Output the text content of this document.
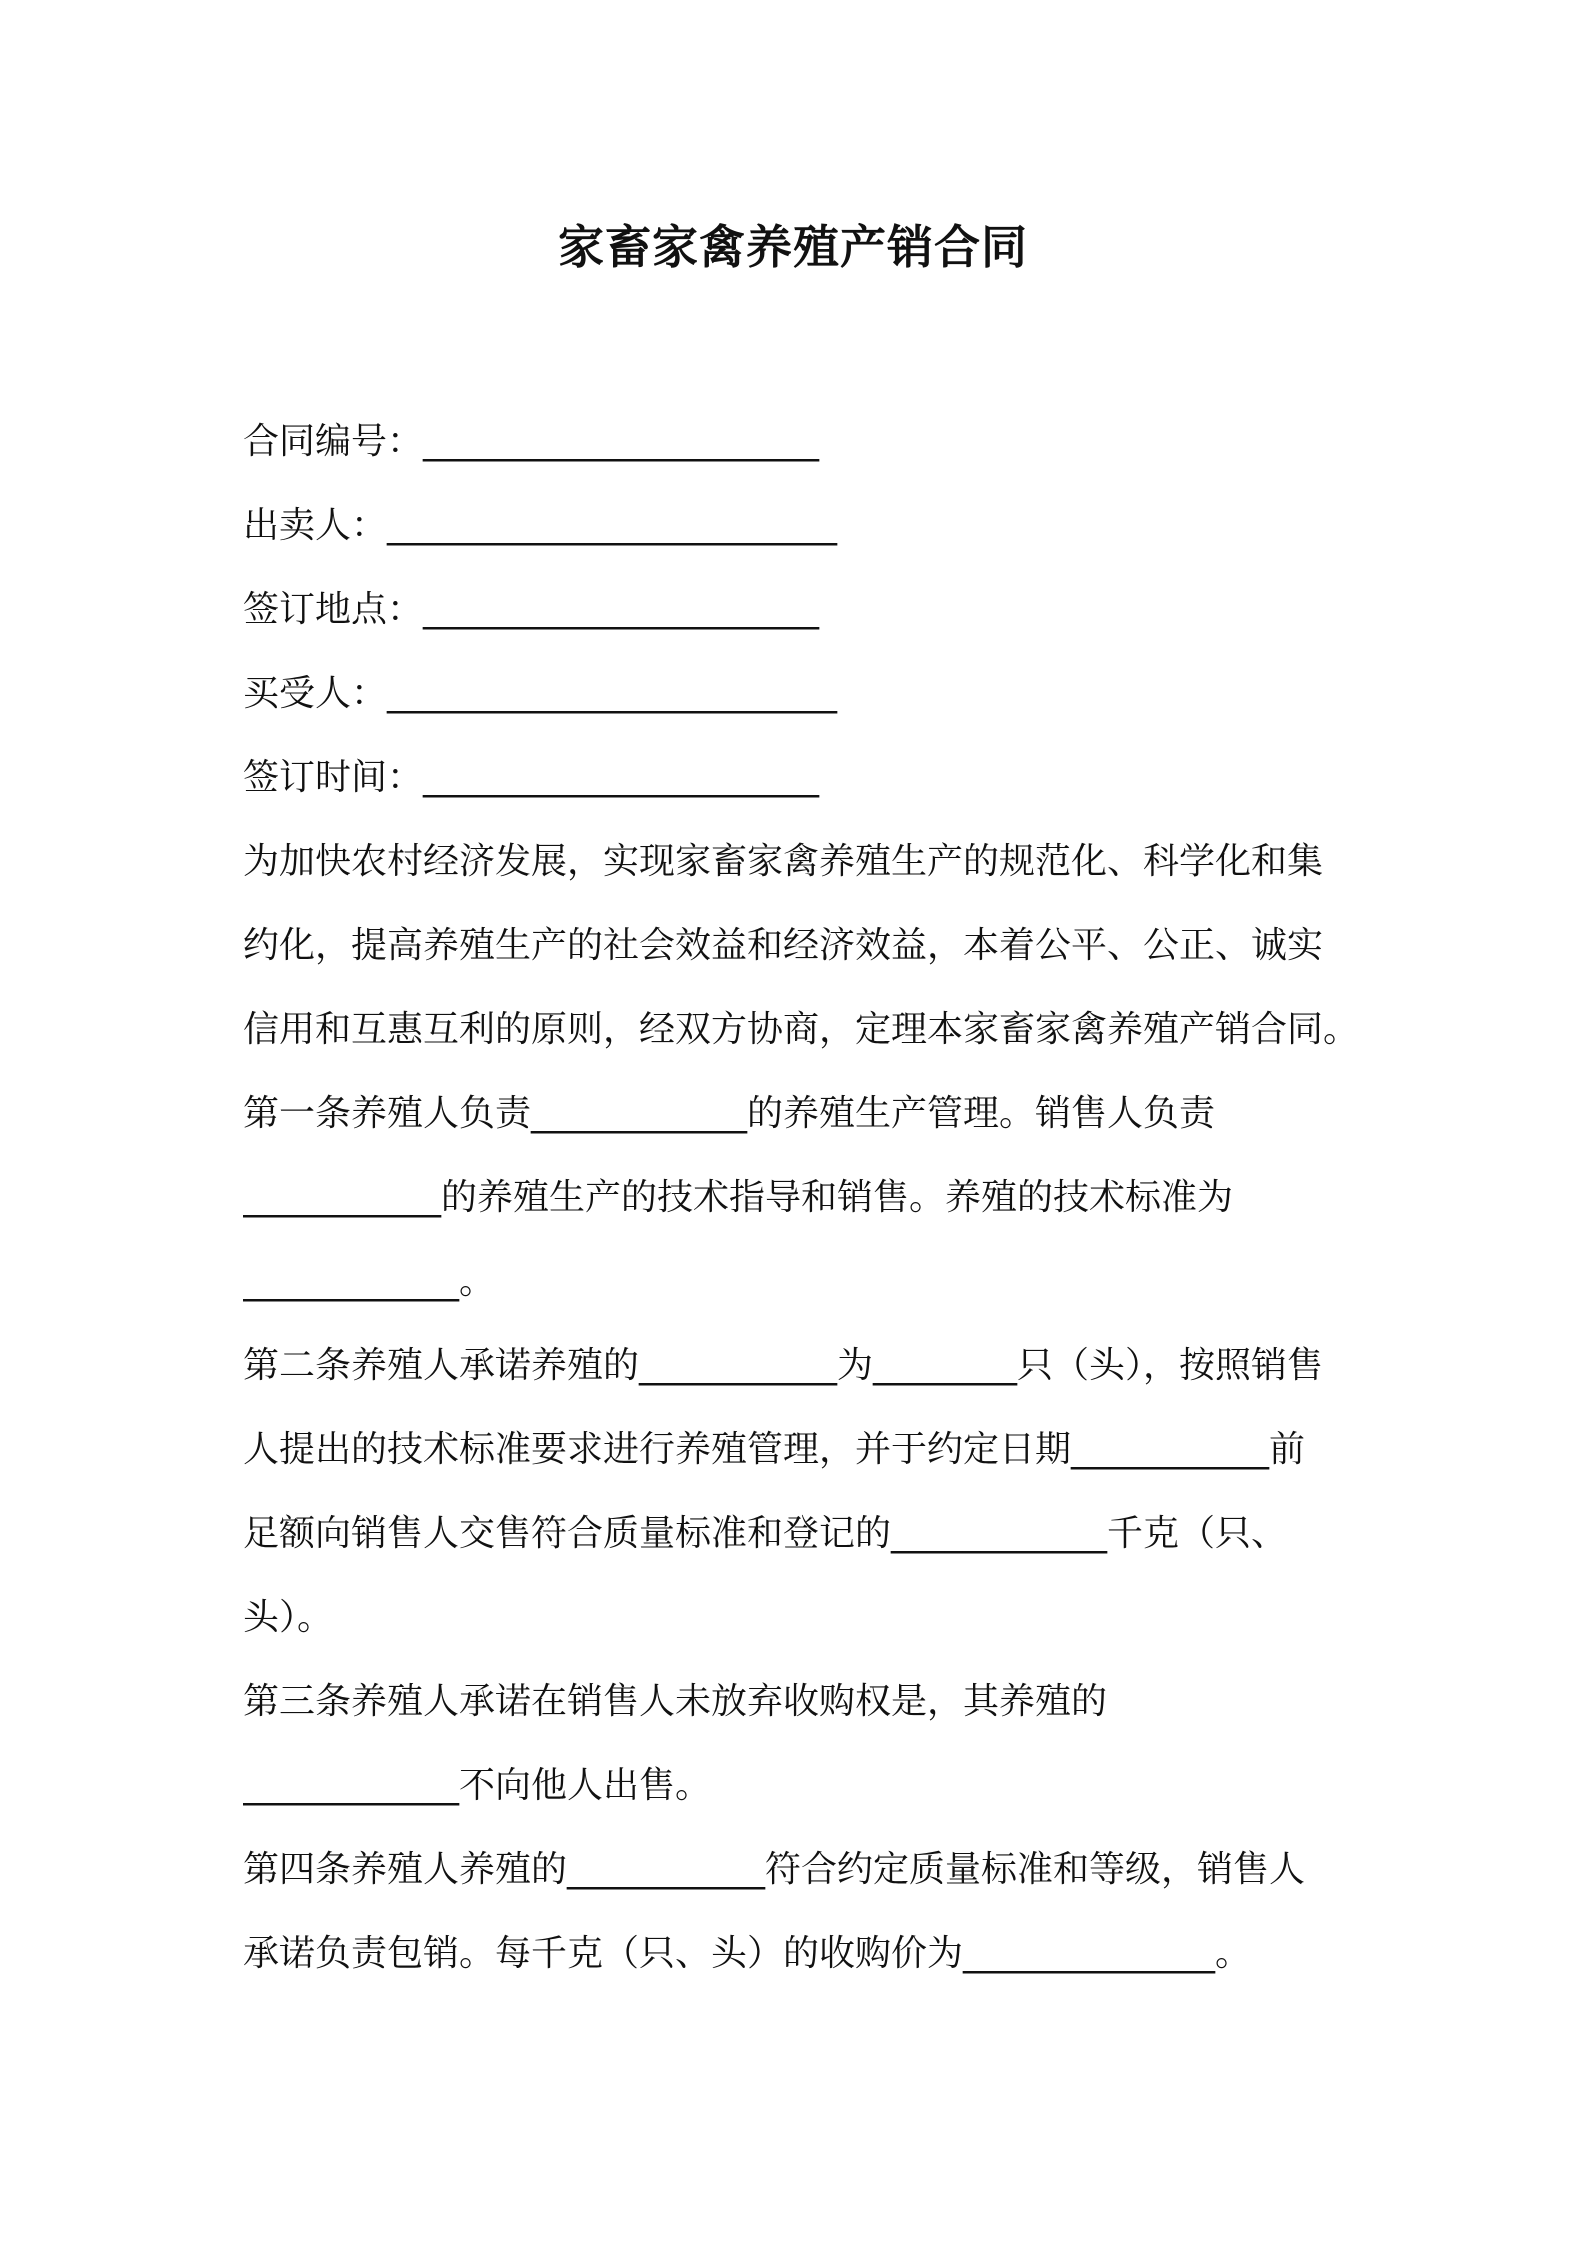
家畜家禽养殖产销合同
合同编号：______________________
出卖人：_________________________
签订地点：______________________
买受人：_________________________
签订时间：______________________
为加快农村经济发展，实现家畜家禽养殖生产的规范化、科学化和集
约化，提高养殖生产的社会效益和经济效益，本着公平、公正、诚实
信用和互惠互利的原则，经双方协商，定理本家畜家禽养殖产销合同。
第一条养殖人负责____________的养殖生产管理。销售人负责
___________的养殖生产的技术指导和销售。养殖的技术标准为
____________。
第二条养殖人承诺养殖的___________为________只（头），按照销售
人提出的技术标准要求进行养殖管理，并于约定日期___________前
足额向销售人交售符合质量标准和登记的____________千克（只、
头）。
第三条养殖人承诺在销售人未放弃收购权是，其养殖的
____________不向他人出售。
第四条养殖人养殖的___________符合约定质量标准和等级，销售人
承诺负责包销。每千克（只、头）的收购价为______________。
